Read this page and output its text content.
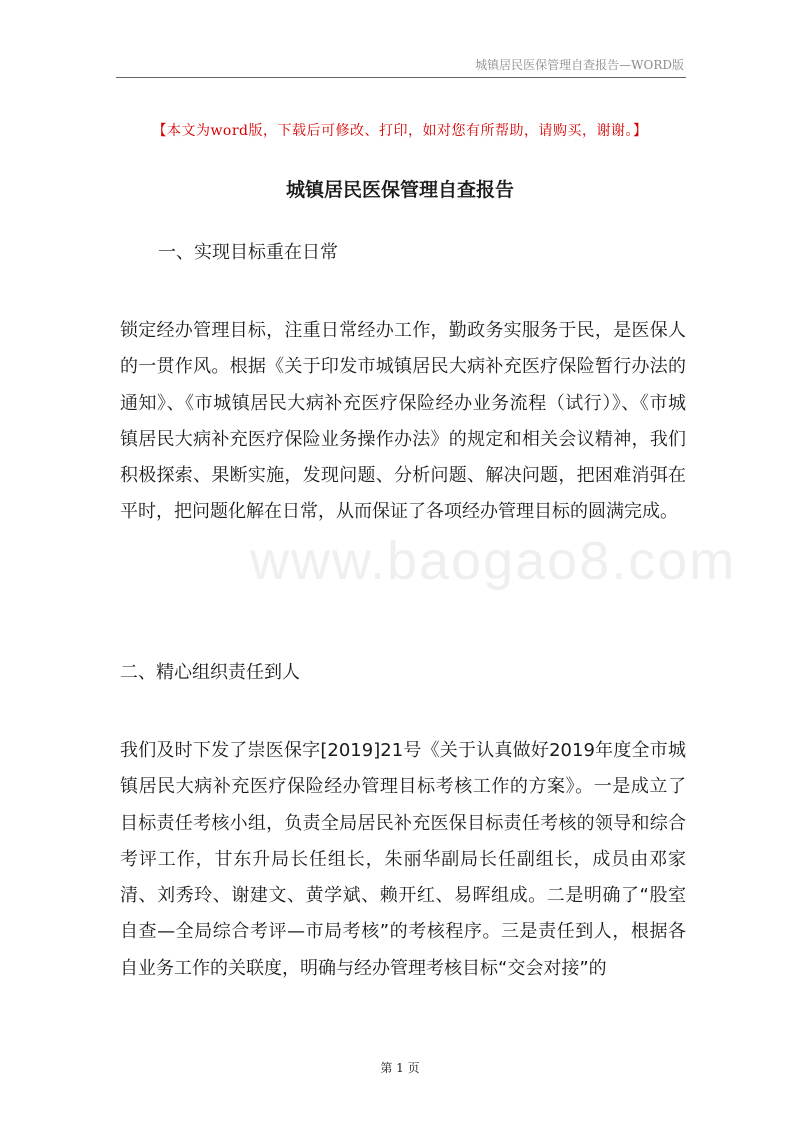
城镇居民医保管理自查报告—WORD版
www.baogao8.com
【本文为word版，下载后可修改、打印，如对您有所帮助，请购买，谢谢。】
城镇居民医保管理自查报告
一、实现目标重在日常
锁定经办管理目标，注重日常经办工作，勤政务实服务于民，是医保人的一贯作风。根据《关于印发市城镇居民大病补充医疗保险暂行办法的通知》、《市城镇居民大病补充医疗保险经办业务流程（试行）》、《市城镇居民大病补充医疗保险业务操作办法》的规定和相关会议精神，我们积极探索、果断实施，发现问题、分析问题、解决问题，把困难消弭在平时，把问题化解在日常，从而保证了各项经办管理目标的圆满完成。
二、精心组织责任到人
我们及时下发了崇医保字[2019]21号《关于认真做好2019年度全市城镇居民大病补充医疗保险经办管理目标考核工作的方案》。一是成立了目标责任考核小组，负责全局居民补充医保目标责任考核的领导和综合考评工作，甘东升局长任组长，朱丽华副局长任副组长，成员由邓家清、刘秀玲、谢建文、黄学斌、赖开红、易晖组成。二是明确了“股室自查—全局综合考评—市局考核”的考核程序。三是责任到人，根据各自业务工作的关联度，明确与经办管理考核目标“交会对接”的
第 1 页
